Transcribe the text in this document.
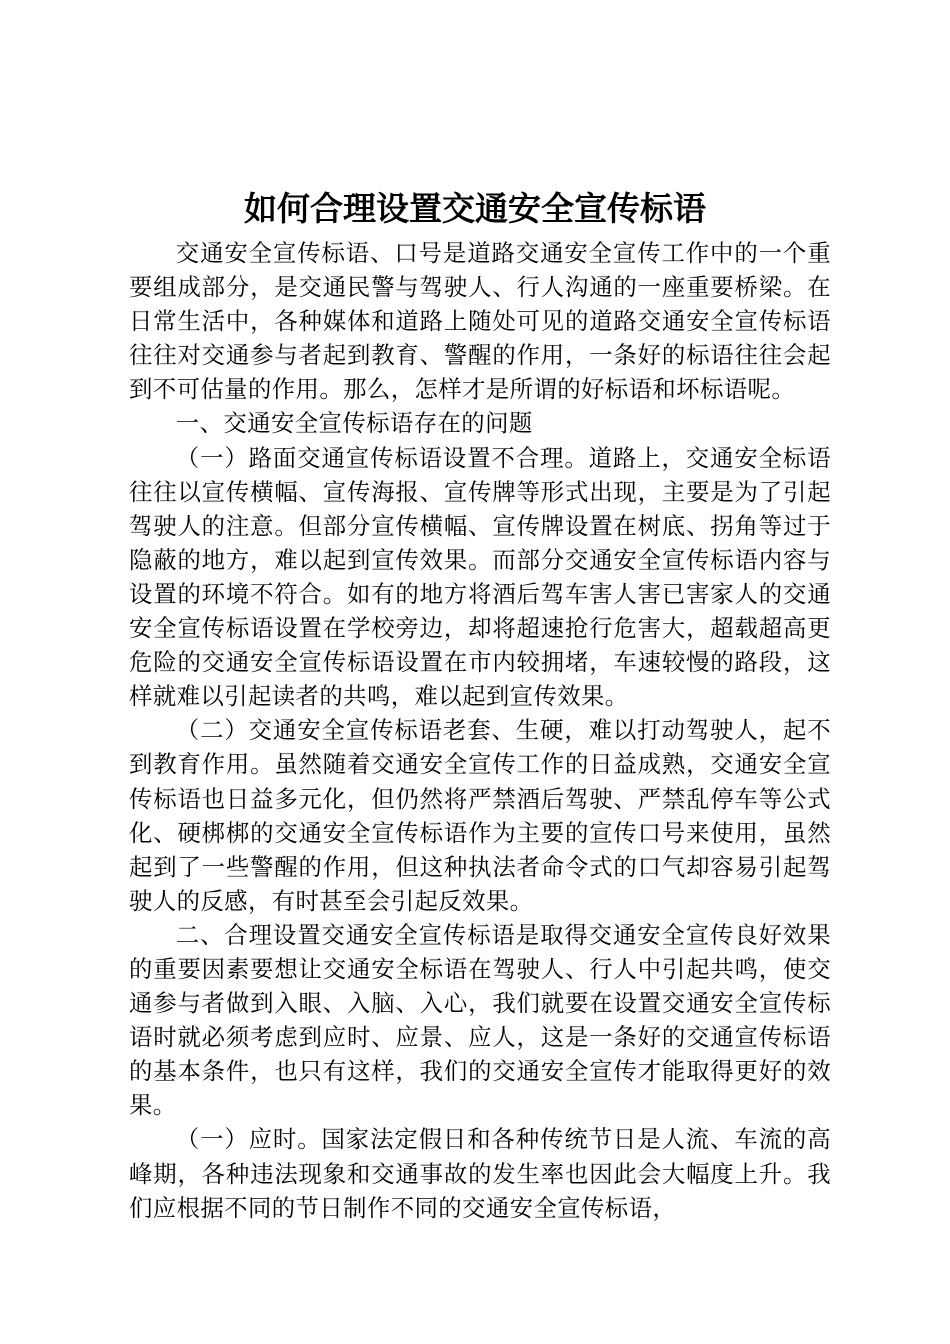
如何合理设置交通安全宣传标语

交通安全宣传标语、口号是道路交通安全宣传工作中的一个重要组成部分，是交通民警与驾驶人、行人沟通的一座重要桥梁。在日常生活中，各种媒体和道路上随处可见的道路交通安全宣传标语往往对交通参与者起到教育、警醒的作用，一条好的标语往往会起到不可估量的作用。那么，怎样才是所谓的好标语和坏标语呢。

一、交通安全宣传标语存在的问题

（一）路面交通宣传标语设置不合理。道路上，交通安全标语往往以宣传横幅、宣传海报、宣传牌等形式出现，主要是为了引起驾驶人的注意。但部分宣传横幅、宣传牌设置在树底、拐角等过于隐蔽的地方，难以起到宣传效果。而部分交通安全宣传标语内容与设置的环境不符合。如有的地方将酒后驾车害人害已害家人的交通安全宣传标语设置在学校旁边，却将超速抢行危害大，超载超高更危险的交通安全宣传标语设置在市内较拥堵，车速较慢的路段，这样就难以引起读者的共鸣，难以起到宣传效果。

（二）交通安全宣传标语老套、生硬，难以打动驾驶人，起不到教育作用。虽然随着交通安全宣传工作的日益成熟，交通安全宣传标语也日益多元化，但仍然将严禁酒后驾驶、严禁乱停车等公式化、硬梆梆的交通安全宣传标语作为主要的宣传口号来使用，虽然起到了一些警醒的作用，但这种执法者命令式的口气却容易引起驾驶人的反感，有时甚至会引起反效果。

二、合理设置交通安全宣传标语是取得交通安全宣传良好效果的重要因素要想让交通安全标语在驾驶人、行人中引起共鸣，使交通参与者做到入眼、入脑、入心，我们就要在设置交通安全宣传标语时就必须考虑到应时、应景、应人，这是一条好的交通宣传标语的基本条件，也只有这样，我们的交通安全宣传才能取得更好的效果。

（一）应时。国家法定假日和各种传统节日是人流、车流的高峰期，各种违法现象和交通事故的发生率也因此会大幅度上升。我们应根据不同的节日制作不同的交通安全宣传标语，
